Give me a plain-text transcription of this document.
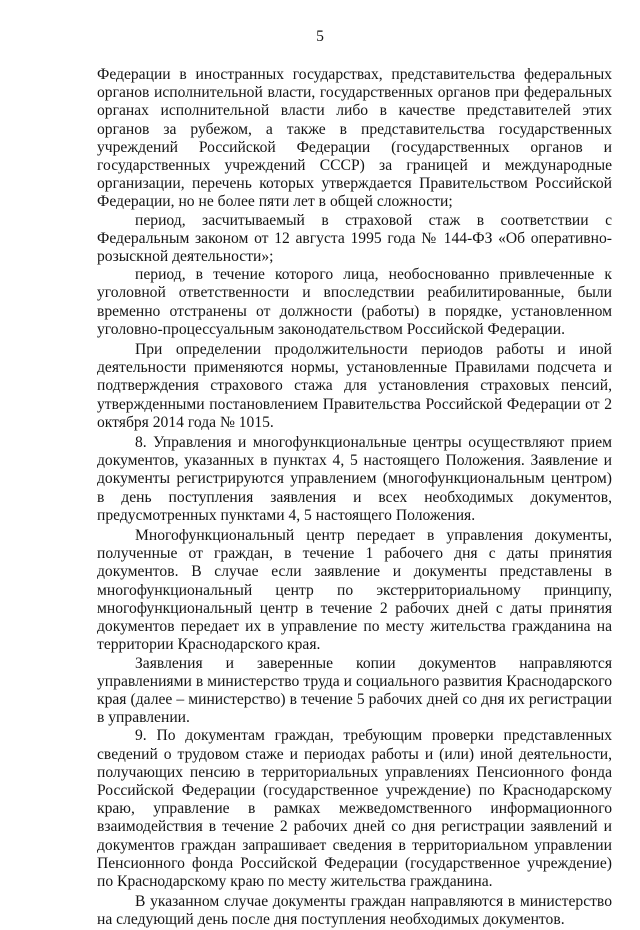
5

Федерации в иностранных государствах, представительства федеральных органов исполнительной власти, государственных органов при федеральных органах исполнительной власти либо в качестве представителей этих органов за рубежом, а также в представительства государственных учреждений Российской Федерации (государственных органов и государственных учреждений СССР) за границей и международные организации, перечень которых утверждается Правительством Российской Федерации, но не более пяти лет в общей сложности;

период, засчитываемый в страховой стаж в соответствии с Федеральным законом от 12 августа 1995 года № 144-ФЗ «Об оперативно-розыскной деятельности»;

период, в течение которого лица, необоснованно привлеченные к уголовной ответственности и впоследствии реабилитированные, были временно отстранены от должности (работы) в порядке, установленном уголовно-процессуальным законодательством Российской Федерации.

При определении продолжительности периодов работы и иной деятельности применяются нормы, установленные Правилами подсчета и подтверждения страхового стажа для установления страховых пенсий, утвержденными постановлением Правительства Российской Федерации от 2 октября 2014 года № 1015.

8. Управления и многофункциональные центры осуществляют прием документов, указанных в пунктах 4, 5 настоящего Положения. Заявление и документы регистрируются управлением (многофункциональным центром) в день поступления заявления и всех необходимых документов, предусмотренных пунктами 4, 5 настоящего Положения.

Многофункциональный центр передает в управления документы, полученные от граждан, в течение 1 рабочего дня с даты принятия документов. В случае если заявление и документы представлены в многофункциональный центр по экстерриториальному принципу, многофункциональный центр в течение 2 рабочих дней с даты принятия документов передает их в управление по месту жительства гражданина на территории Краснодарского края.

Заявления и заверенные копии документов направляются управлениями в министерство труда и социального развития Краснодарского края (далее – министерство) в течение 5 рабочих дней со дня их регистрации в управлении.

9. По документам граждан, требующим проверки представленных сведений о трудовом стаже и периодах работы и (или) иной деятельности, получающих пенсию в территориальных управлениях Пенсионного фонда Российской Федерации (государственное учреждение) по Краснодарскому краю, управление в рамках межведомственного информационного взаимодействия в течение 2 рабочих дней со дня регистрации заявлений и документов граждан запрашивает сведения в территориальном управлении Пенсионного фонда Российской Федерации (государственное учреждение) по Краснодарскому краю по месту жительства гражданина.

В указанном случае документы граждан направляются в министерство на следующий день после дня поступления необходимых документов.
